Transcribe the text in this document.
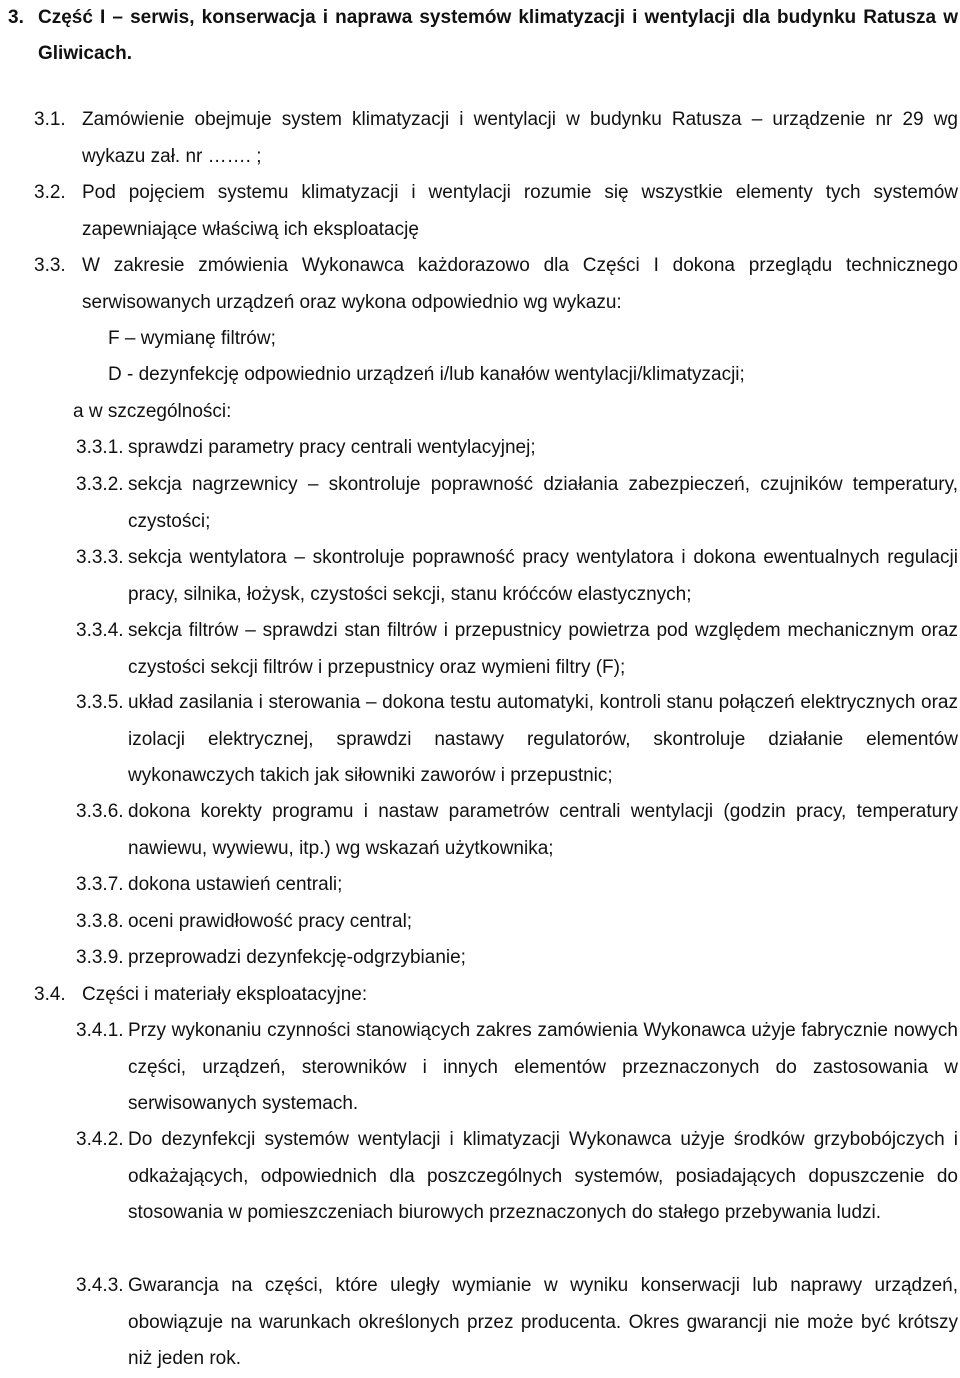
3. Część I – serwis, konserwacja i naprawa systemów klimatyzacji i wentylacji dla budynku Ratusza w Gliwicach.
3.1. Zamówienie obejmuje system klimatyzacji i wentylacji w budynku Ratusza – urządzenie nr 29 wg wykazu zał. nr ……. ;
3.2. Pod pojęciem systemu klimatyzacji i wentylacji rozumie się wszystkie elementy tych systemów zapewniające właściwą ich eksploatację
3.3. W zakresie zmówienia Wykonawca każdorazowo dla Części I dokona przeglądu technicznego serwisowanych urządzeń oraz wykona odpowiednio wg wykazu:
F – wymianę filtrów;
D - dezynfekcję odpowiednio urządzeń i/lub kanałów wentylacji/klimatyzacji;
a w szczególności:
3.3.1. sprawdzi parametry pracy centrali wentylacyjnej;
3.3.2. sekcja nagrzewnicy – skontroluje poprawność działania zabezpieczeń, czujników temperatury, czystości;
3.3.3. sekcja wentylatora – skontroluje poprawność pracy wentylatora i dokona ewentualnych regulacji pracy, silnika, łożysk, czystości sekcji, stanu króćców elastycznych;
3.3.4. sekcja filtrów – sprawdzi stan filtrów i przepustnicy powietrza pod względem mechanicznym oraz czystości sekcji filtrów i przepustnicy oraz wymieni filtry (F);
3.3.5. układ zasilania i sterowania – dokona testu automatyki, kontroli stanu połączeń elektrycznych oraz izolacji elektrycznej, sprawdzi nastawy regulatorów, skontroluje działanie elementów wykonawczych takich jak siłowniki zaworów i przepustnic;
3.3.6. dokona korekty programu i nastaw parametrów centrali wentylacji (godzin pracy, temperatury nawiewu, wywiewu, itp.) wg wskazań użytkownika;
3.3.7. dokona ustawień centrali;
3.3.8. oceni prawidłowość pracy central;
3.3.9. przeprowadzi dezynfekcję-odgrzybianie;
3.4. Części i materiały eksploatacyjne:
3.4.1. Przy wykonaniu czynności stanowiących zakres zamówienia Wykonawca użyje fabrycznie nowych części, urządzeń, sterowników i innych elementów przeznaczonych do zastosowania w serwisowanych systemach.
3.4.2. Do dezynfekcji systemów wentylacji i klimatyzacji Wykonawca użyje środków grzybobójczych i odkażających, odpowiednich dla poszczególnych systemów, posiadających dopuszczenie do stosowania w pomieszczeniach biurowych przeznaczonych do stałego przebywania ludzi.
3.4.3. Gwarancja na części, które uległy wymianie w wyniku konserwacji lub naprawy urządzeń, obowiązuje na warunkach określonych przez producenta. Okres gwarancji nie może być krótszy niż jeden rok.
